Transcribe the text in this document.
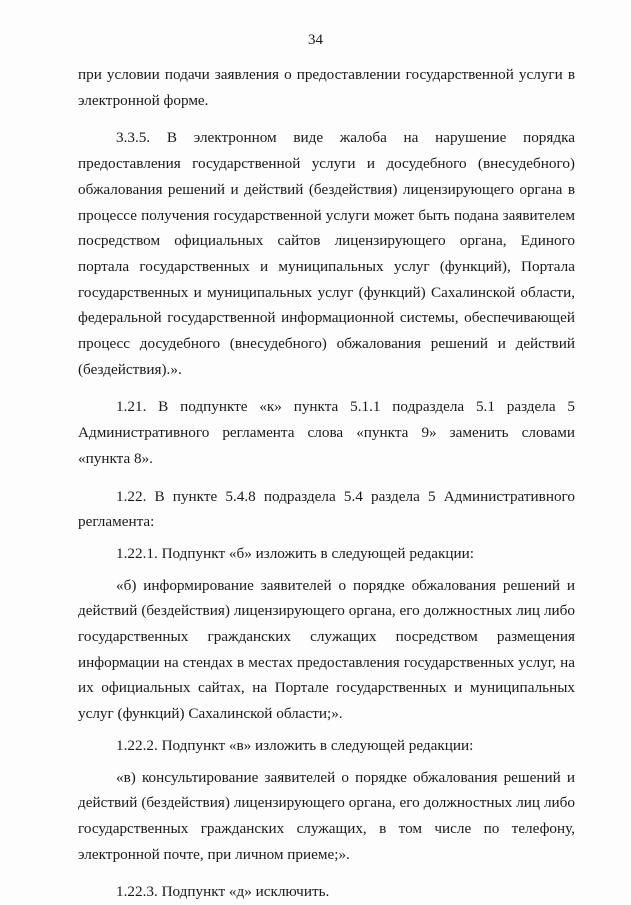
34

при условии подачи заявления о предоставлении государственной услуги в электронной форме.

3.3.5. В электронном виде жалоба на нарушение порядка предоставления государственной услуги и досудебного (внесудебного) обжалования решений и действий (бездействия) лицензирующего органа в процессе получения государственной услуги может быть подана заявителем посредством официальных сайтов лицензирующего органа, Единого портала государственных и муниципальных услуг (функций), Портала государственных и муниципальных услуг (функций) Сахалинской области, федеральной государственной информационной системы, обеспечивающей процесс досудебного (внесудебного) обжалования решений и действий (бездействия).».

1.21. В подпункте «к» пункта 5.1.1 подраздела 5.1 раздела 5 Административного регламента слова «пункта 9» заменить словами «пункта 8».

1.22. В пункте 5.4.8 подраздела 5.4 раздела 5 Административного регламента:

1.22.1. Подпункт «б» изложить в следующей редакции:

«б) информирование заявителей о порядке обжалования решений и действий (бездействия) лицензирующего органа, его должностных лиц либо государственных гражданских служащих посредством размещения информации на стендах в местах предоставления государственных услуг, на их официальных сайтах, на Портале государственных и муниципальных услуг (функций) Сахалинской области;».

1.22.2. Подпункт «в» изложить в следующей редакции:

«в) консультирование заявителей о порядке обжалования решений и действий (бездействия) лицензирующего органа, его должностных лиц либо государственных гражданских служащих, в том числе по телефону, электронной почте, при личном приеме;».

1.22.3. Подпункт «д» исключить.
